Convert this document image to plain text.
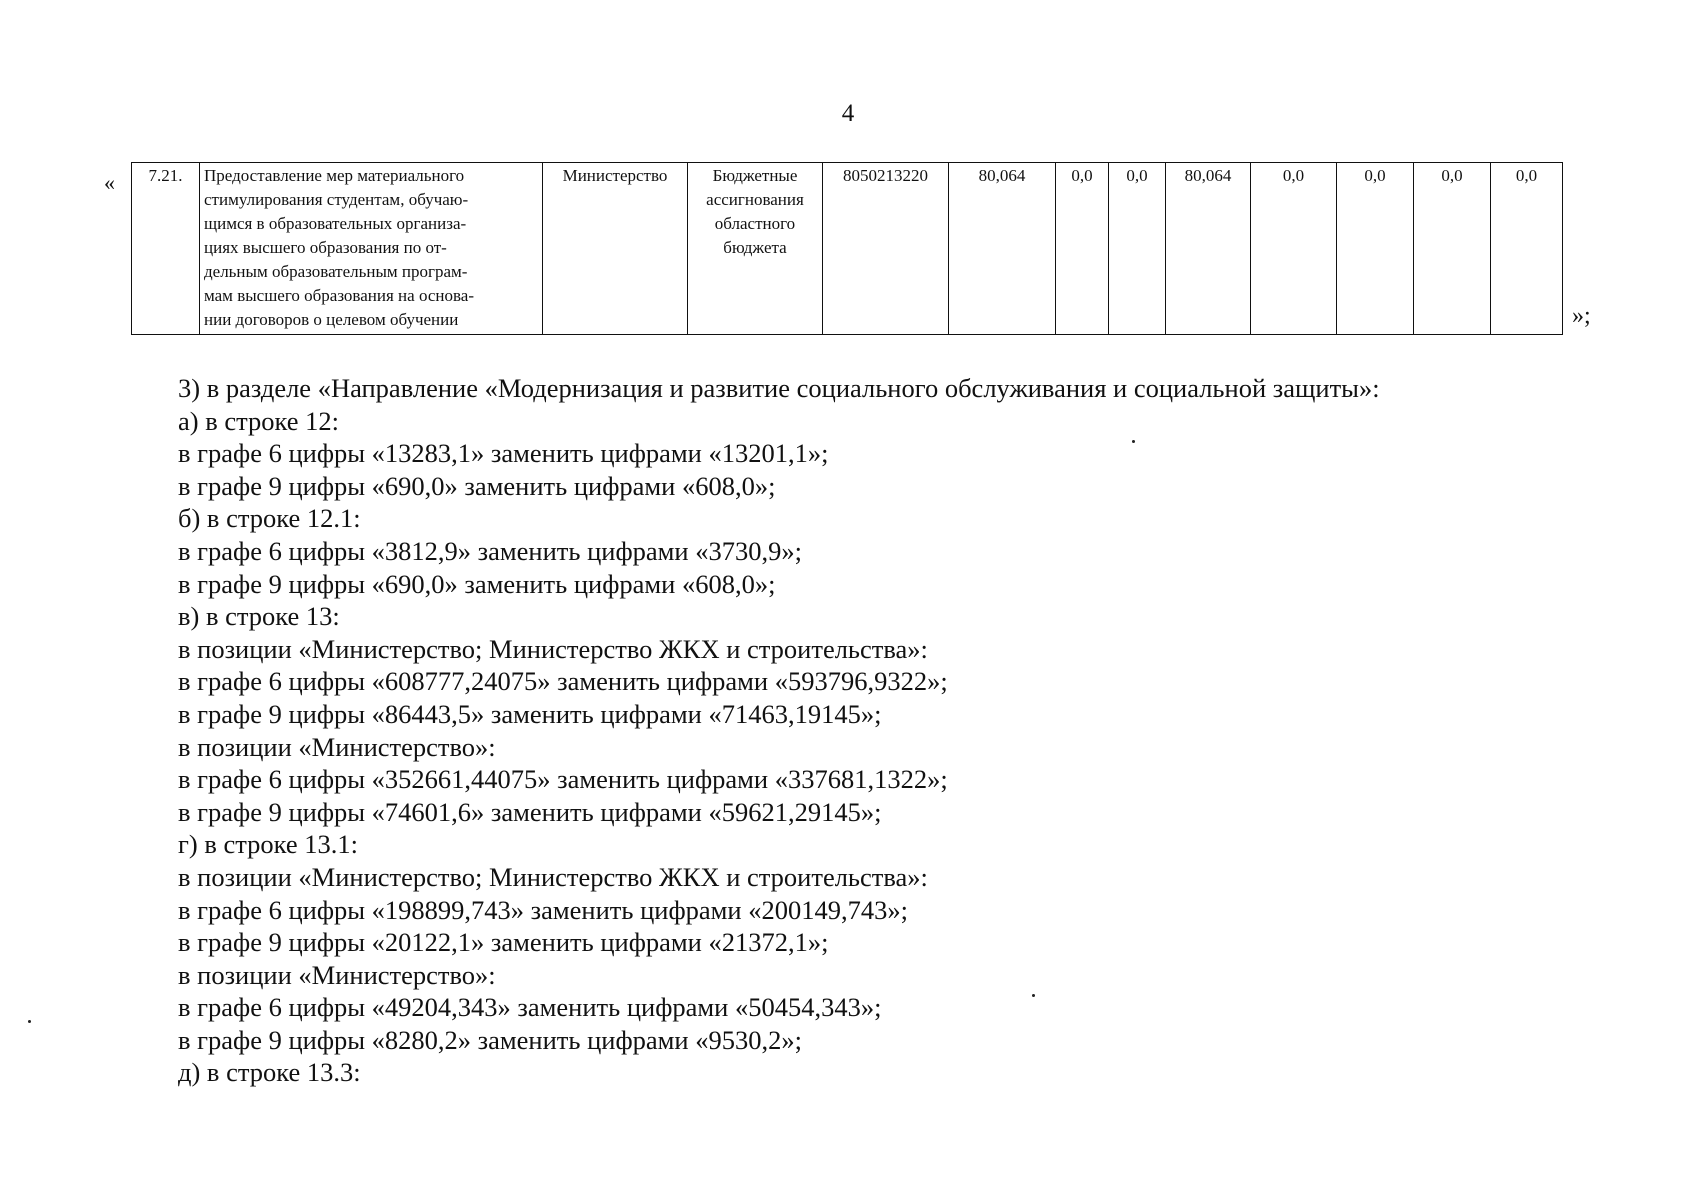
4
« 7.21.	Предоставление мер материального
стимулирования студентам, обучаю-
щимся в образовательных организа-
циях высшего образования по от-
дельным образовательным програм-
мам высшего образования на основа-
нии договоров о целевом обучении
	Министерство	Бюджетные
ассигнования
областного
бюджета
	8050213220	80,064	0,0	0,0	80,064	0,0	0,0	0,0	0,0
»;
3) в разделе «Направление «Модернизация и развитие социального обслуживания и социальной защиты»:
а) в строке 12:
в графе 6 цифры «13283,1» заменить цифрами «13201,1»;
в графе 9 цифры «690,0» заменить цифрами «608,0»;
б) в строке 12.1:
в графе 6 цифры «3812,9» заменить цифрами «3730,9»;
в графе 9 цифры «690,0» заменить цифрами «608,0»;
в) в строке 13:
в позиции «Министерство; Министерство ЖКХ и строительства»:
в графе 6 цифры «608777,24075» заменить цифрами «593796,9322»;
в графе 9 цифры «86443,5» заменить цифрами «71463,19145»;
в позиции «Министерство»:
в графе 6 цифры «352661,44075» заменить цифрами «337681,1322»;
в графе 9 цифры «74601,6» заменить цифрами «59621,29145»;
г) в строке 13.1:
в позиции «Министерство; Министерство ЖКХ и строительства»:
в графе 6 цифры «198899,743» заменить цифрами «200149,743»;
в графе 9 цифры «20122,1» заменить цифрами «21372,1»;
в позиции «Министерство»:
в графе 6 цифры «49204,343» заменить цифрами «50454,343»;
в графе 9 цифры «8280,2» заменить цифрами «9530,2»;
д) в строке 13.3:
